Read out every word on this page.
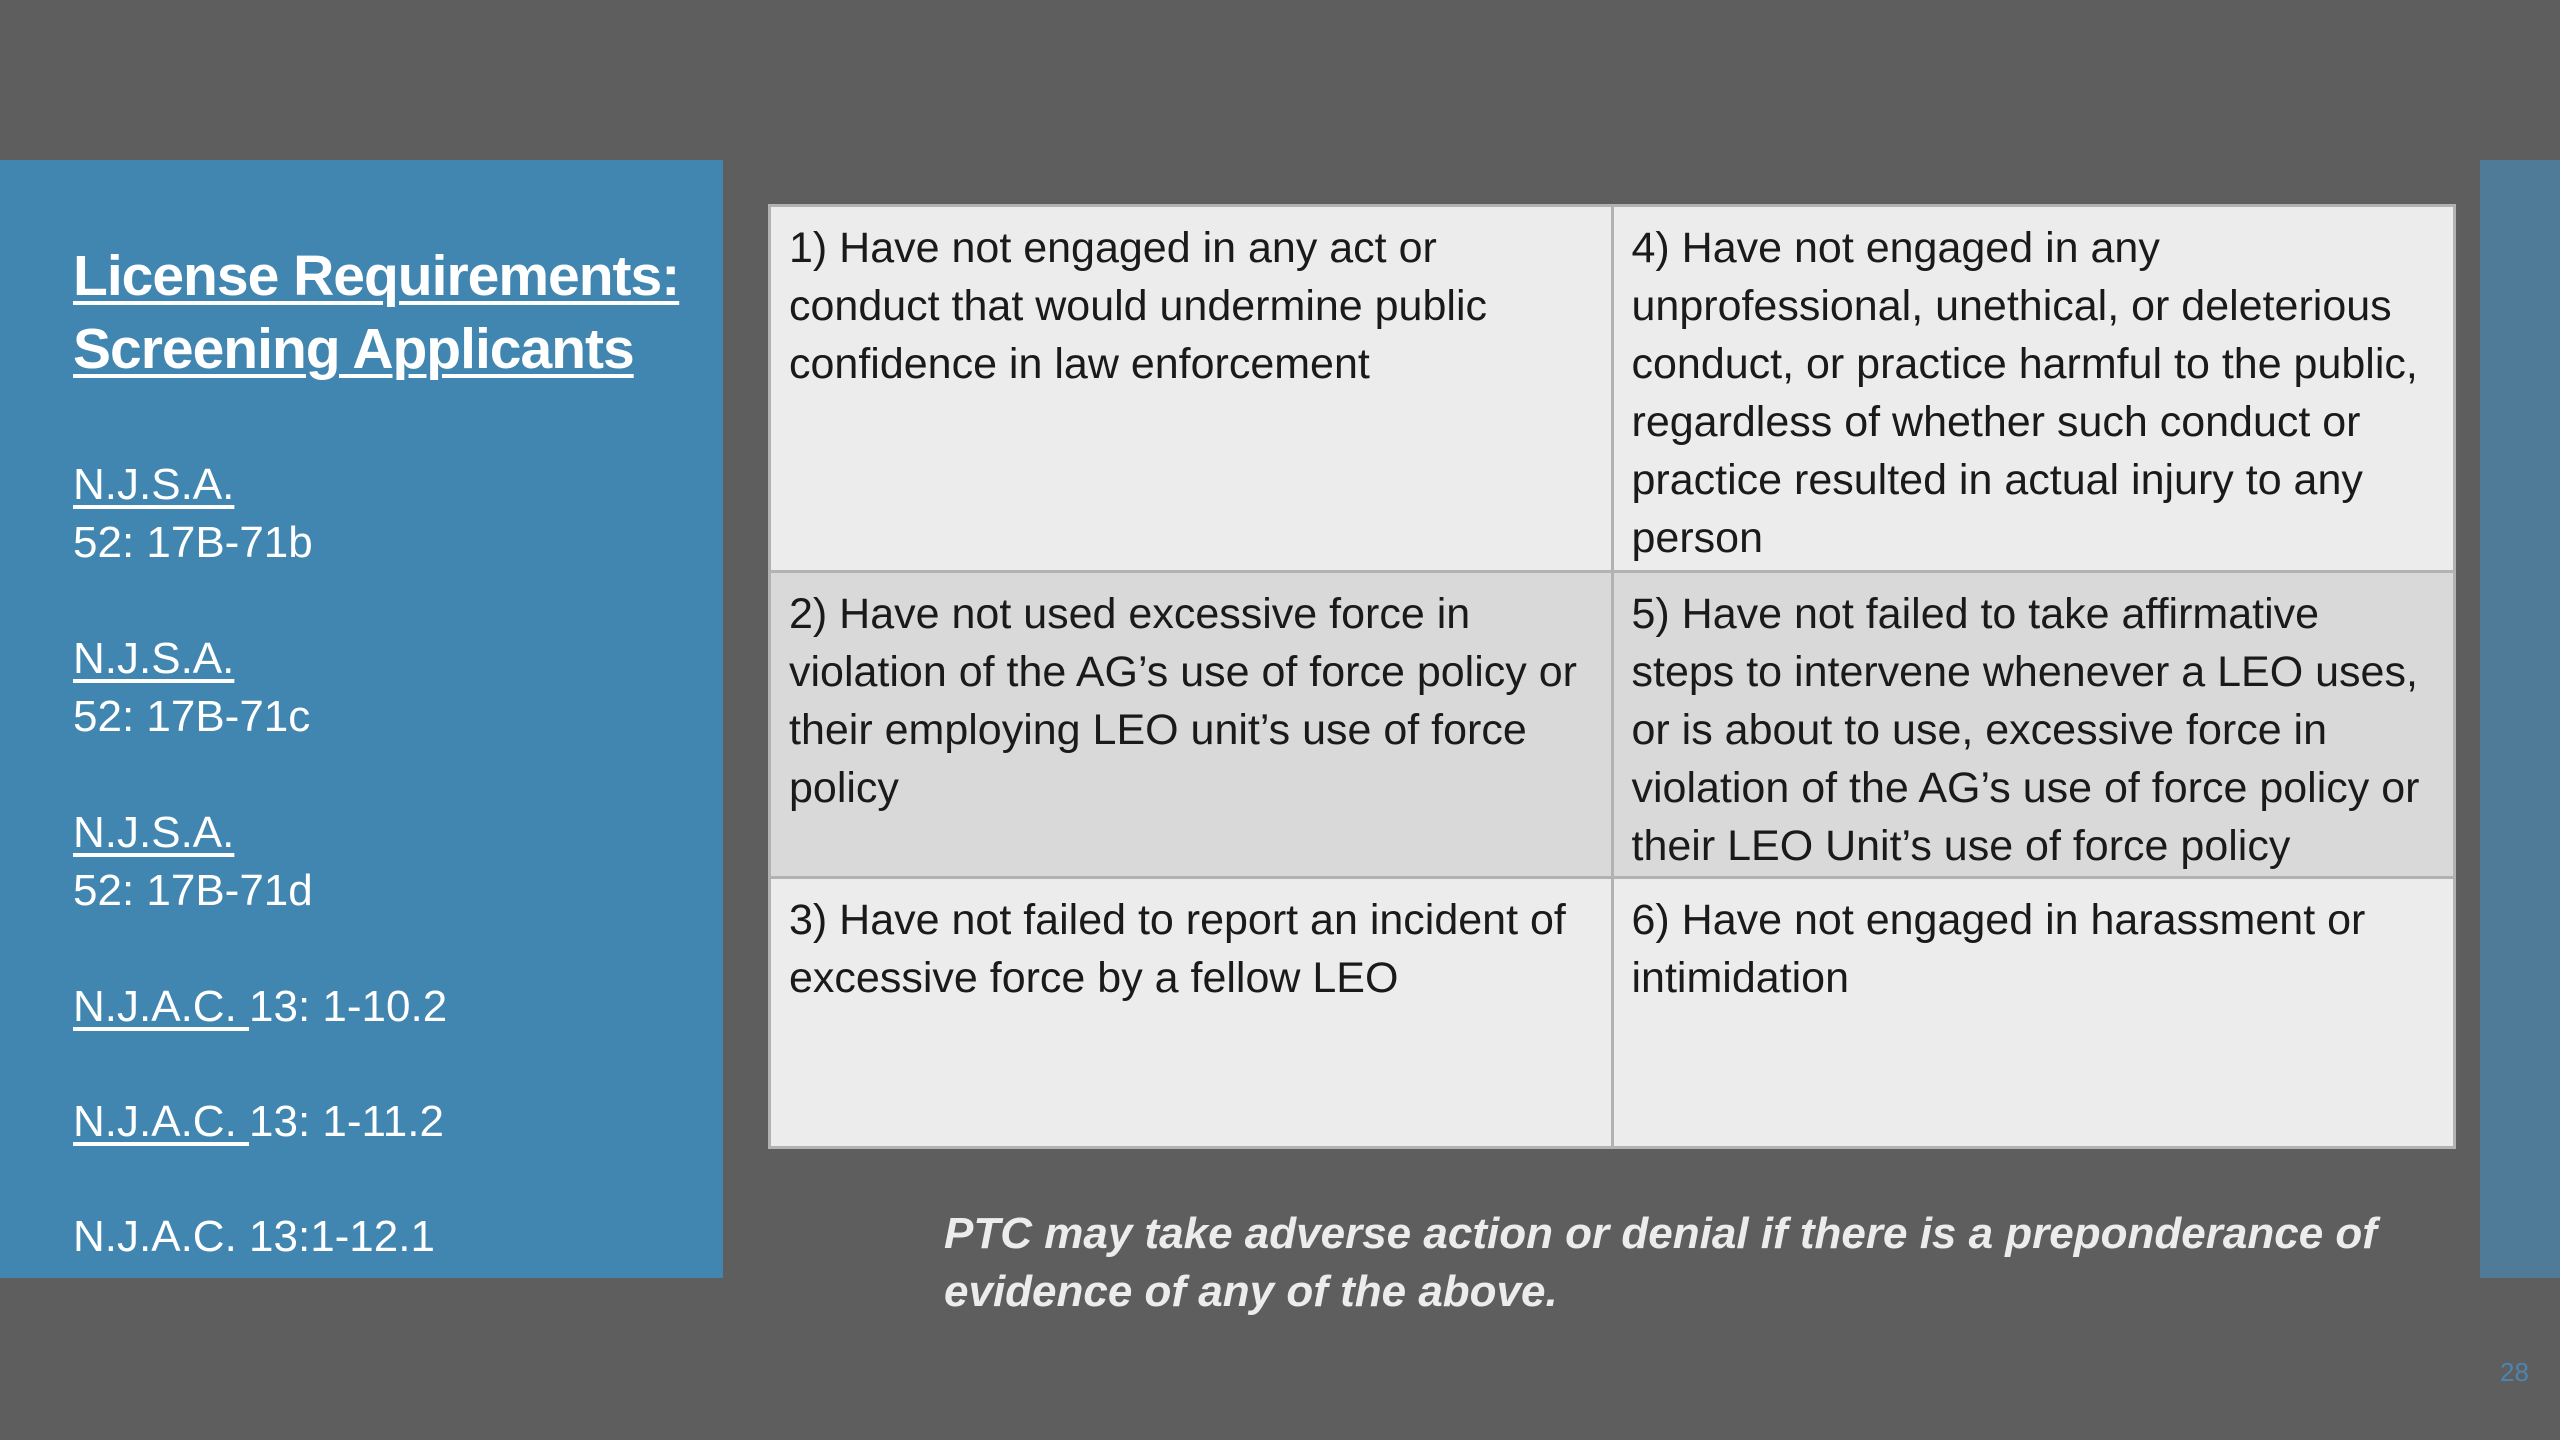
License Requirements:
Screening Applicants
N.J.S.A.
52: 17B-71b
N.J.S.A.
52: 17B-71c
N.J.S.A.
52: 17B-71d
N.J.A.C. 13: 1-10.2
N.J.A.C. 13: 1-11.2
N.J.A.C. 13:1-12.1
1) Have not engaged in any act or conduct that would undermine public confidence in law enforcement	4) Have not engaged in any unprofessional, unethical, or deleterious conduct, or practice harmful to the public, regardless of whether such conduct or practice resulted in actual injury to any person
2) Have not used excessive force in violation of the AG’s use of force policy or their employing LEO unit’s use of force policy	5) Have not failed to take affirmative steps to intervene whenever a LEO uses, or is about to use, excessive force in violation of the AG’s use of force policy or their LEO Unit’s use of force policy
3) Have not failed to report an incident of excessive force by a fellow LEO	6) Have not engaged in harassment or intimidation
PTC may take adverse action or denial if there is a preponderance of evidence of any of the above.
28
